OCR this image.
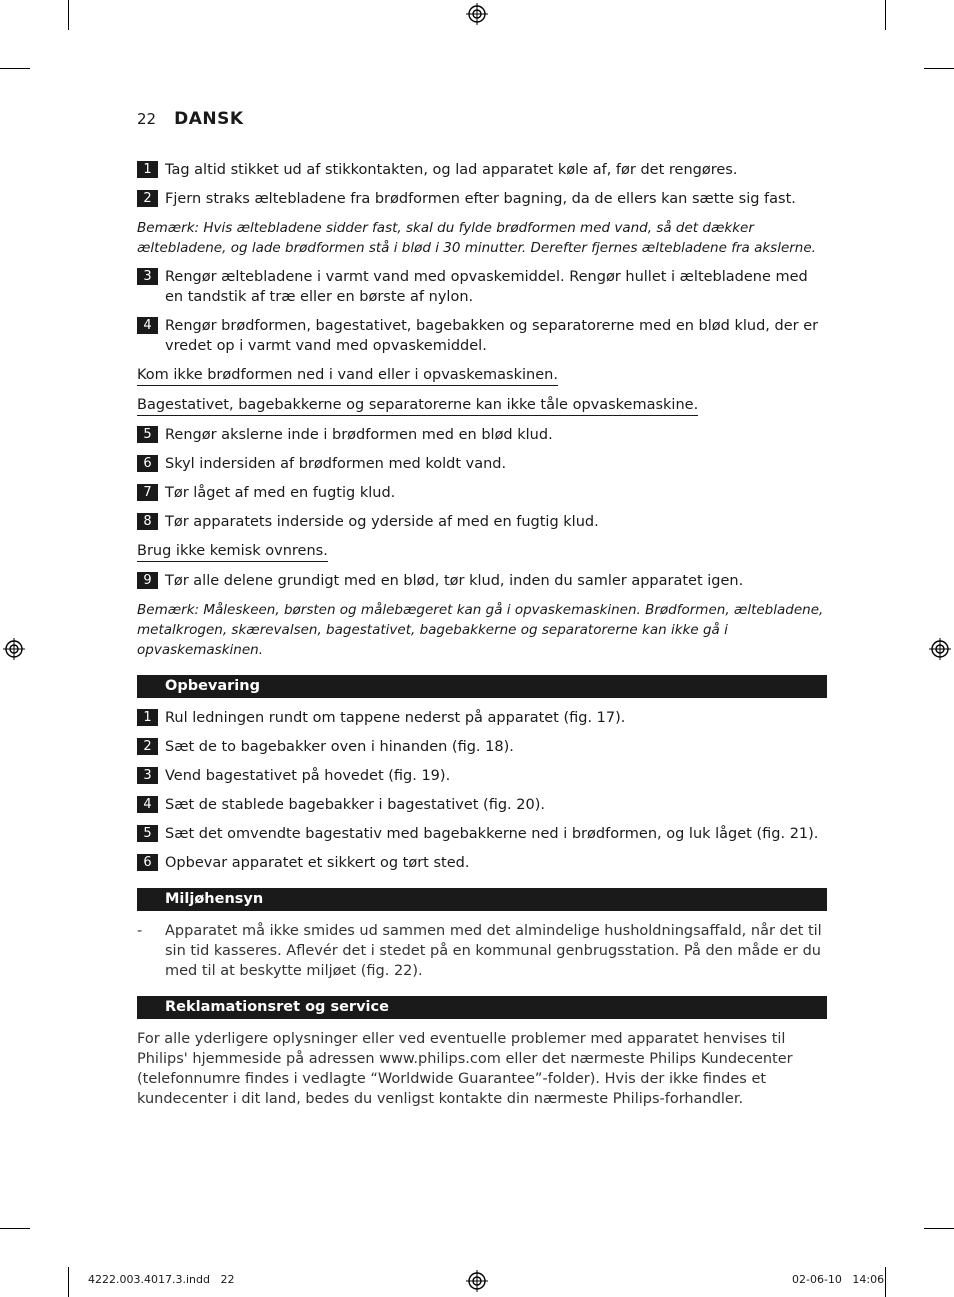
22 DANSK
1 Tag altid stikket ud af stikkontakten, og lad apparatet køle af, før det rengøres.
2 Fjern straks æltebladene fra brødformen efter bagning, da de ellers kan sætte sig fast.

Bemærk: Hvis æltebladene sidder fast, skal du fylde brødformen med vand, så det dækker æltebladene, og lade brødformen stå i blød i 30 minutter. Derefter fjernes æltebladene fra akslerne.

3 Rengør æltebladene i varmt vand med opvaskemiddel. Rengør hullet i æltebladene med en tandstik af træ eller en børste af nylon.
4 Rengør brødformen, bagestativet, bagebakken og separatorerne med en blød klud, der er vredet op i varmt vand med opvaskemiddel.
Kom ikke brødformen ned i vand eller i opvaskemaskinen.
Bagestativet, bagebakkerne og separatorerne kan ikke tåle opvaskemaskine.
5 Rengør akslerne inde i brødformen med en blød klud.
6 Skyl indersiden af brødformen med koldt vand.
7 Tør låget af med en fugtig klud.
8 Tør apparatets inderside og yderside af med en fugtig klud.
Brug ikke kemisk ovnrens.
9 Tør alle delene grundigt med en blød, tør klud, inden du samler apparatet igen.

Bemærk: Måleskeen, børsten og målebægeret kan gå i opvaskemaskinen. Brødformen, æltebladene, metalkrogen, skærevalsen, bagestativet, bagebakkerne og separatorerne kan ikke gå i opvaskemaskinen.

Opbevaring
1 Rul ledningen rundt om tappene nederst på apparatet (fig. 17).
2 Sæt de to bagebakker oven i hinanden (fig. 18).
3 Vend bagestativet på hovedet (fig. 19).
4 Sæt de stablede bagebakker i bagestativet (fig. 20).
5 Sæt det omvendte bagestativ med bagebakkerne ned i brødformen, og luk låget (fig. 21).
6 Opbevar apparatet et sikkert og tørt sted.
Miljøhensyn
-	Apparatet må ikke smides ud sammen med det almindelige husholdningsaffald, når det til sin tid kasseres. Aflevér det i stedet på en kommunal genbrugsstation. På den måde er du med til at beskytte miljøet (fig. 22).
Reklamationsret og service
For alle yderligere oplysninger eller ved eventuelle problemer med apparatet henvises til Philips' hjemmeside på adressen www.philips.com eller det nærmeste Philips Kundecenter (telefonnumre findes i vedlagte “Worldwide Guarantee”-folder). Hvis der ikke findes et kundecenter i dit land, bedes du venligst kontakte din nærmeste Philips-forhandler.
4222.003.4017.3.indd   22	02-06-10   14:06
